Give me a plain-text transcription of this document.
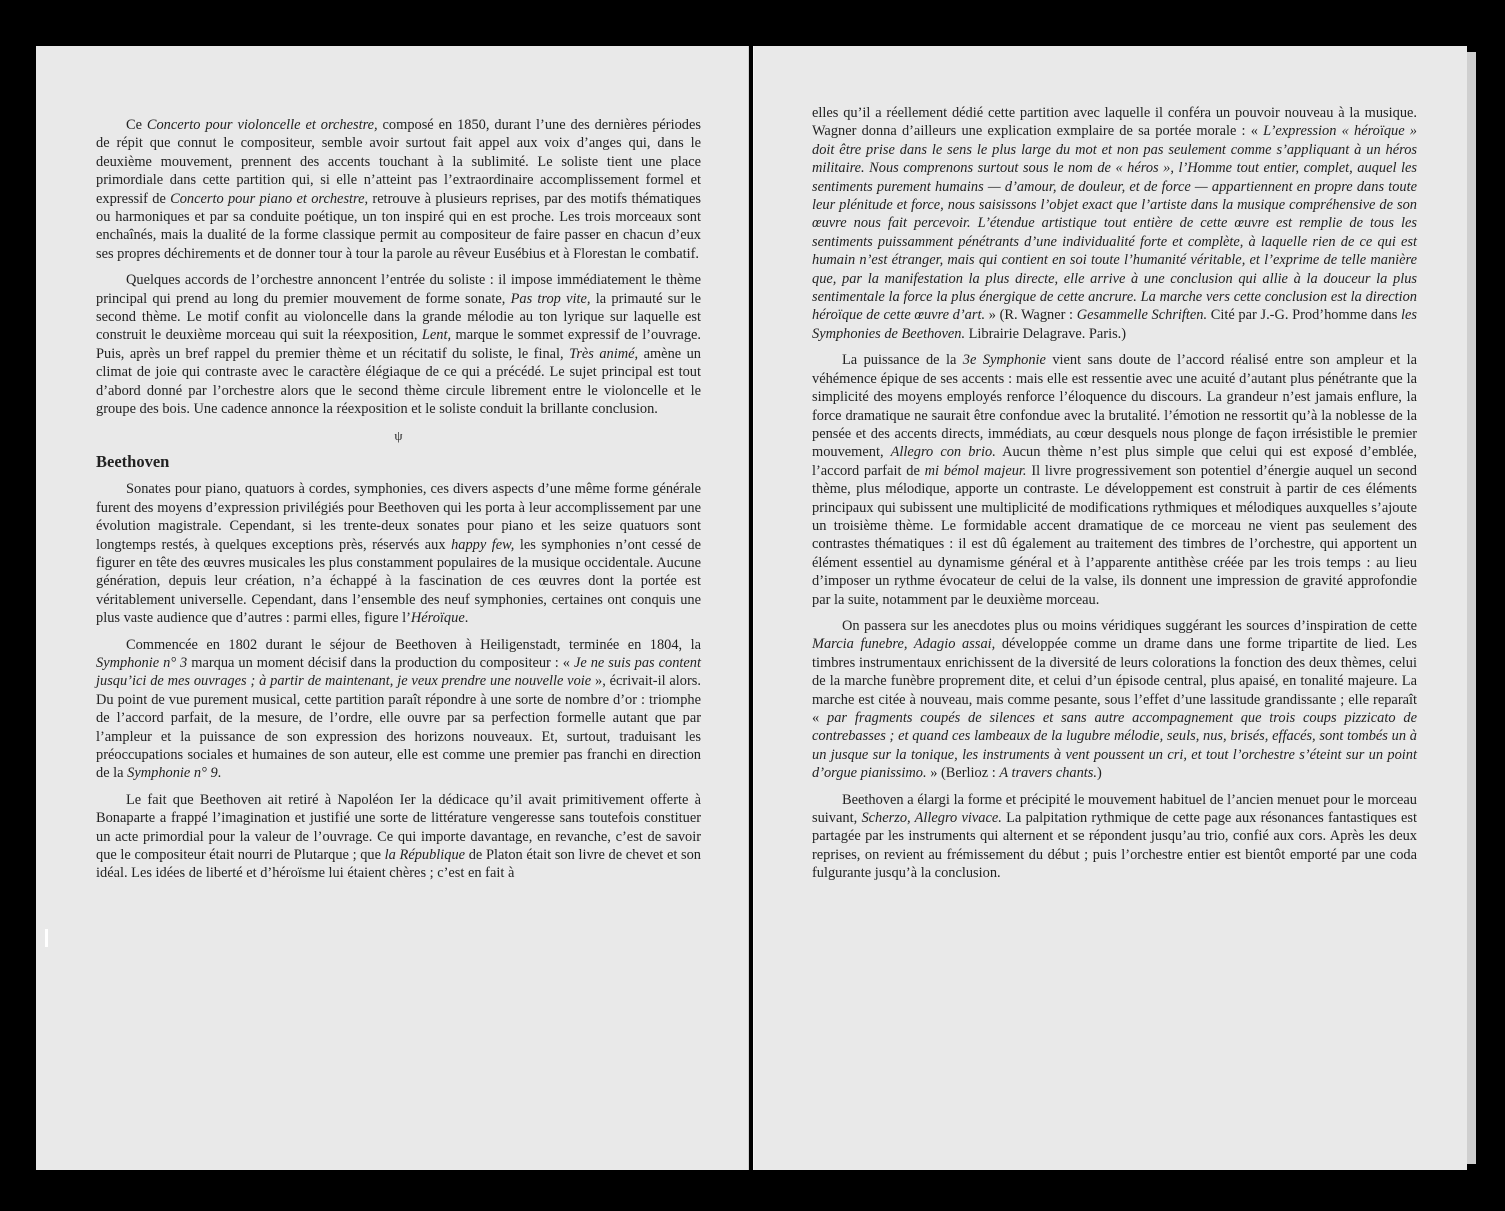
Ce Concerto pour violoncelle et orchestre, composé en 1850, durant l’une des dernières périodes de répit que connut le compositeur, semble avoir surtout fait appel aux voix d’anges qui, dans le deuxième mouvement, prennent des accents touchant à la sublimité. Le soliste tient une place primordiale dans cette partition qui, si elle n’atteint pas l’extraordinaire accomplissement formel et expressif de Concerto pour piano et orchestre, retrouve à plusieurs reprises, par des motifs thématiques ou harmoniques et par sa conduite poétique, un ton inspiré qui en est proche. Les trois morceaux sont enchaînés, mais la dualité de la forme classique permit au compositeur de faire passer en chacun d’eux ses propres déchirements et de donner tour à tour la parole au rêveur Eusébius et à Florestan le combatif.

Quelques accords de l’orchestre annoncent l’entrée du soliste : il impose immédiatement le thème principal qui prend au long du premier mouvement de forme sonate, Pas trop vite, la primauté sur le second thème. Le motif confit au violoncelle dans la grande mélodie au ton lyrique sur laquelle est construit le deuxième morceau qui suit la réexposition, Lent, marque le sommet expressif de l’ouvrage. Puis, après un bref rappel du premier thème et un récitatif du soliste, le final, Très animé, amène un climat de joie qui contraste avec le caractère élégiaque de ce qui a précédé. Le sujet principal est tout d’abord donné par l’orchestre alors que le second thème circule librement entre le violoncelle et le groupe des bois. Une cadence annonce la réexposition et le soliste conduit la brillante conclusion.

ψ
Beethoven

Sonates pour piano, quatuors à cordes, symphonies, ces divers aspects d’une même forme générale furent des moyens d’expression privilégiés pour Beethoven qui les porta à leur accomplissement par une évolution magistrale. Cependant, si les trente-deux sonates pour piano et les seize quatuors sont longtemps restés, à quelques exceptions près, réservés aux happy few, les symphonies n’ont cessé de figurer en tête des œuvres musicales les plus constamment populaires de la musique occidentale. Aucune génération, depuis leur création, n’a échappé à la fascination de ces œuvres dont la portée est véritablement universelle. Cependant, dans l’ensemble des neuf symphonies, certaines ont conquis une plus vaste audience que d’autres : parmi elles, figure l’Héroïque.

Commencée en 1802 durant le séjour de Beethoven à Heiligenstadt, terminée en 1804, la Symphonie n° 3 marqua un moment décisif dans la production du compositeur : « Je ne suis pas content jusqu’ici de mes ouvrages ; à partir de maintenant, je veux prendre une nouvelle voie », écrivait-il alors. Du point de vue purement musical, cette partition paraît répondre à une sorte de nombre d’or : triomphe de l’accord parfait, de la mesure, de l’ordre, elle ouvre par sa perfection formelle autant que par l’ampleur et la puissance de son expression des horizons nouveaux. Et, surtout, traduisant les préoccupations sociales et humaines de son auteur, elle est comme une premier pas franchi en direction de la Symphonie n° 9.

Le fait que Beethoven ait retiré à Napoléon Ier la dédicace qu’il avait primitivement offerte à Bonaparte a frappé l’imagination et justifié une sorte de littérature vengeresse sans toutefois constituer un acte primordial pour la valeur de l’ouvrage. Ce qui importe davantage, en revanche, c’est de savoir que le compositeur était nourri de Plutarque ; que la République de Platon était son livre de chevet et son idéal. Les idées de liberté et d’héroïsme lui étaient chères ; c’est en fait à

elles qu’il a réellement dédié cette partition avec laquelle il conféra un pouvoir nouveau à la musique. Wagner donna d’ailleurs une explication exmplaire de sa portée morale : « L’expression « héroïque » doit être prise dans le sens le plus large du mot et non pas seulement comme s’appliquant à un héros militaire. Nous comprenons surtout sous le nom de « héros », l’Homme tout entier, complet, auquel les sentiments purement humains — d’amour, de douleur, et de force — appartiennent en propre dans toute leur plénitude et force, nous saisissons l’objet exact que l’artiste dans la musique compréhensive de son œuvre nous fait percevoir. L’étendue artistique tout entière de cette œuvre est remplie de tous les sentiments puissamment pénétrants d’une individualité forte et complète, à laquelle rien de ce qui est humain n’est étranger, mais qui contient en soi toute l’humanité véritable, et l’exprime de telle manière que, par la manifestation la plus directe, elle arrive à une conclusion qui allie à la douceur la plus sentimentale la force la plus énergique de cette ancrure. La marche vers cette conclusion est la direction héroïque de cette œuvre d’art. » (R. Wagner : Gesammelle Schriften. Cité par J.-G. Prod’homme dans les Symphonies de Beethoven. Librairie Delagrave. Paris.)

La puissance de la 3e Symphonie vient sans doute de l’accord réalisé entre son ampleur et la véhémence épique de ses accents : mais elle est ressentie avec une acuité d’autant plus pénétrante que la simplicité des moyens employés renforce l’éloquence du discours. La grandeur n’est jamais enflure, la force dramatique ne saurait être confondue avec la brutalité. l’émotion ne ressortit qu’à la noblesse de la pensée et des accents directs, immédiats, au cœur desquels nous plonge de façon irrésistible le premier mouvement, Allegro con brio. Aucun thème n’est plus simple que celui qui est exposé d’emblée, l’accord parfait de mi bémol majeur. Il livre progressivement son potentiel d’énergie auquel un second thème, plus mélodique, apporte un contraste. Le développement est construit à partir de ces éléments principaux qui subissent une multiplicité de modifications rythmiques et mélodiques auxquelles s’ajoute un troisième thème. Le formidable accent dramatique de ce morceau ne vient pas seulement des contrastes thématiques : il est dû également au traitement des timbres de l’orchestre, qui apportent un élément essentiel au dynamisme général et à l’apparente antithèse créée par les trois temps : au lieu d’imposer un rythme évocateur de celui de la valse, ils donnent une impression de gravité approfondie par la suite, notamment par le deuxième morceau.

On passera sur les anecdotes plus ou moins véridiques suggérant les sources d’inspiration de cette Marcia funebre, Adagio assai, développée comme un drame dans une forme tripartite de lied. Les timbres instrumentaux enrichissent de la diversité de leurs colorations la fonction des deux thèmes, celui de la marche funèbre proprement dite, et celui d’un épisode central, plus apaisé, en tonalité majeure. La marche est citée à nouveau, mais comme pesante, sous l’effet d’une lassitude grandissante ; elle reparaît « par fragments coupés de silences et sans autre accompagnement que trois coups pizzicato de contrebasses ; et quand ces lambeaux de la lugubre mélodie, seuls, nus, brisés, effacés, sont tombés un à un jusque sur la tonique, les instruments à vent poussent un cri, et tout l’orchestre s’éteint sur un point d’orgue pianissimo. » (Berlioz : A travers chants.)

Beethoven a élargi la forme et précipité le mouvement habituel de l’ancien menuet pour le morceau suivant, Scherzo, Allegro vivace. La palpitation rythmique de cette page aux résonances fantastiques est partagée par les instruments qui alternent et se répondent jusqu’au trio, confié aux cors. Après les deux reprises, on revient au frémissement du début ; puis l’orchestre entier est bientôt emporté par une coda fulgurante jusqu’à la conclusion.
